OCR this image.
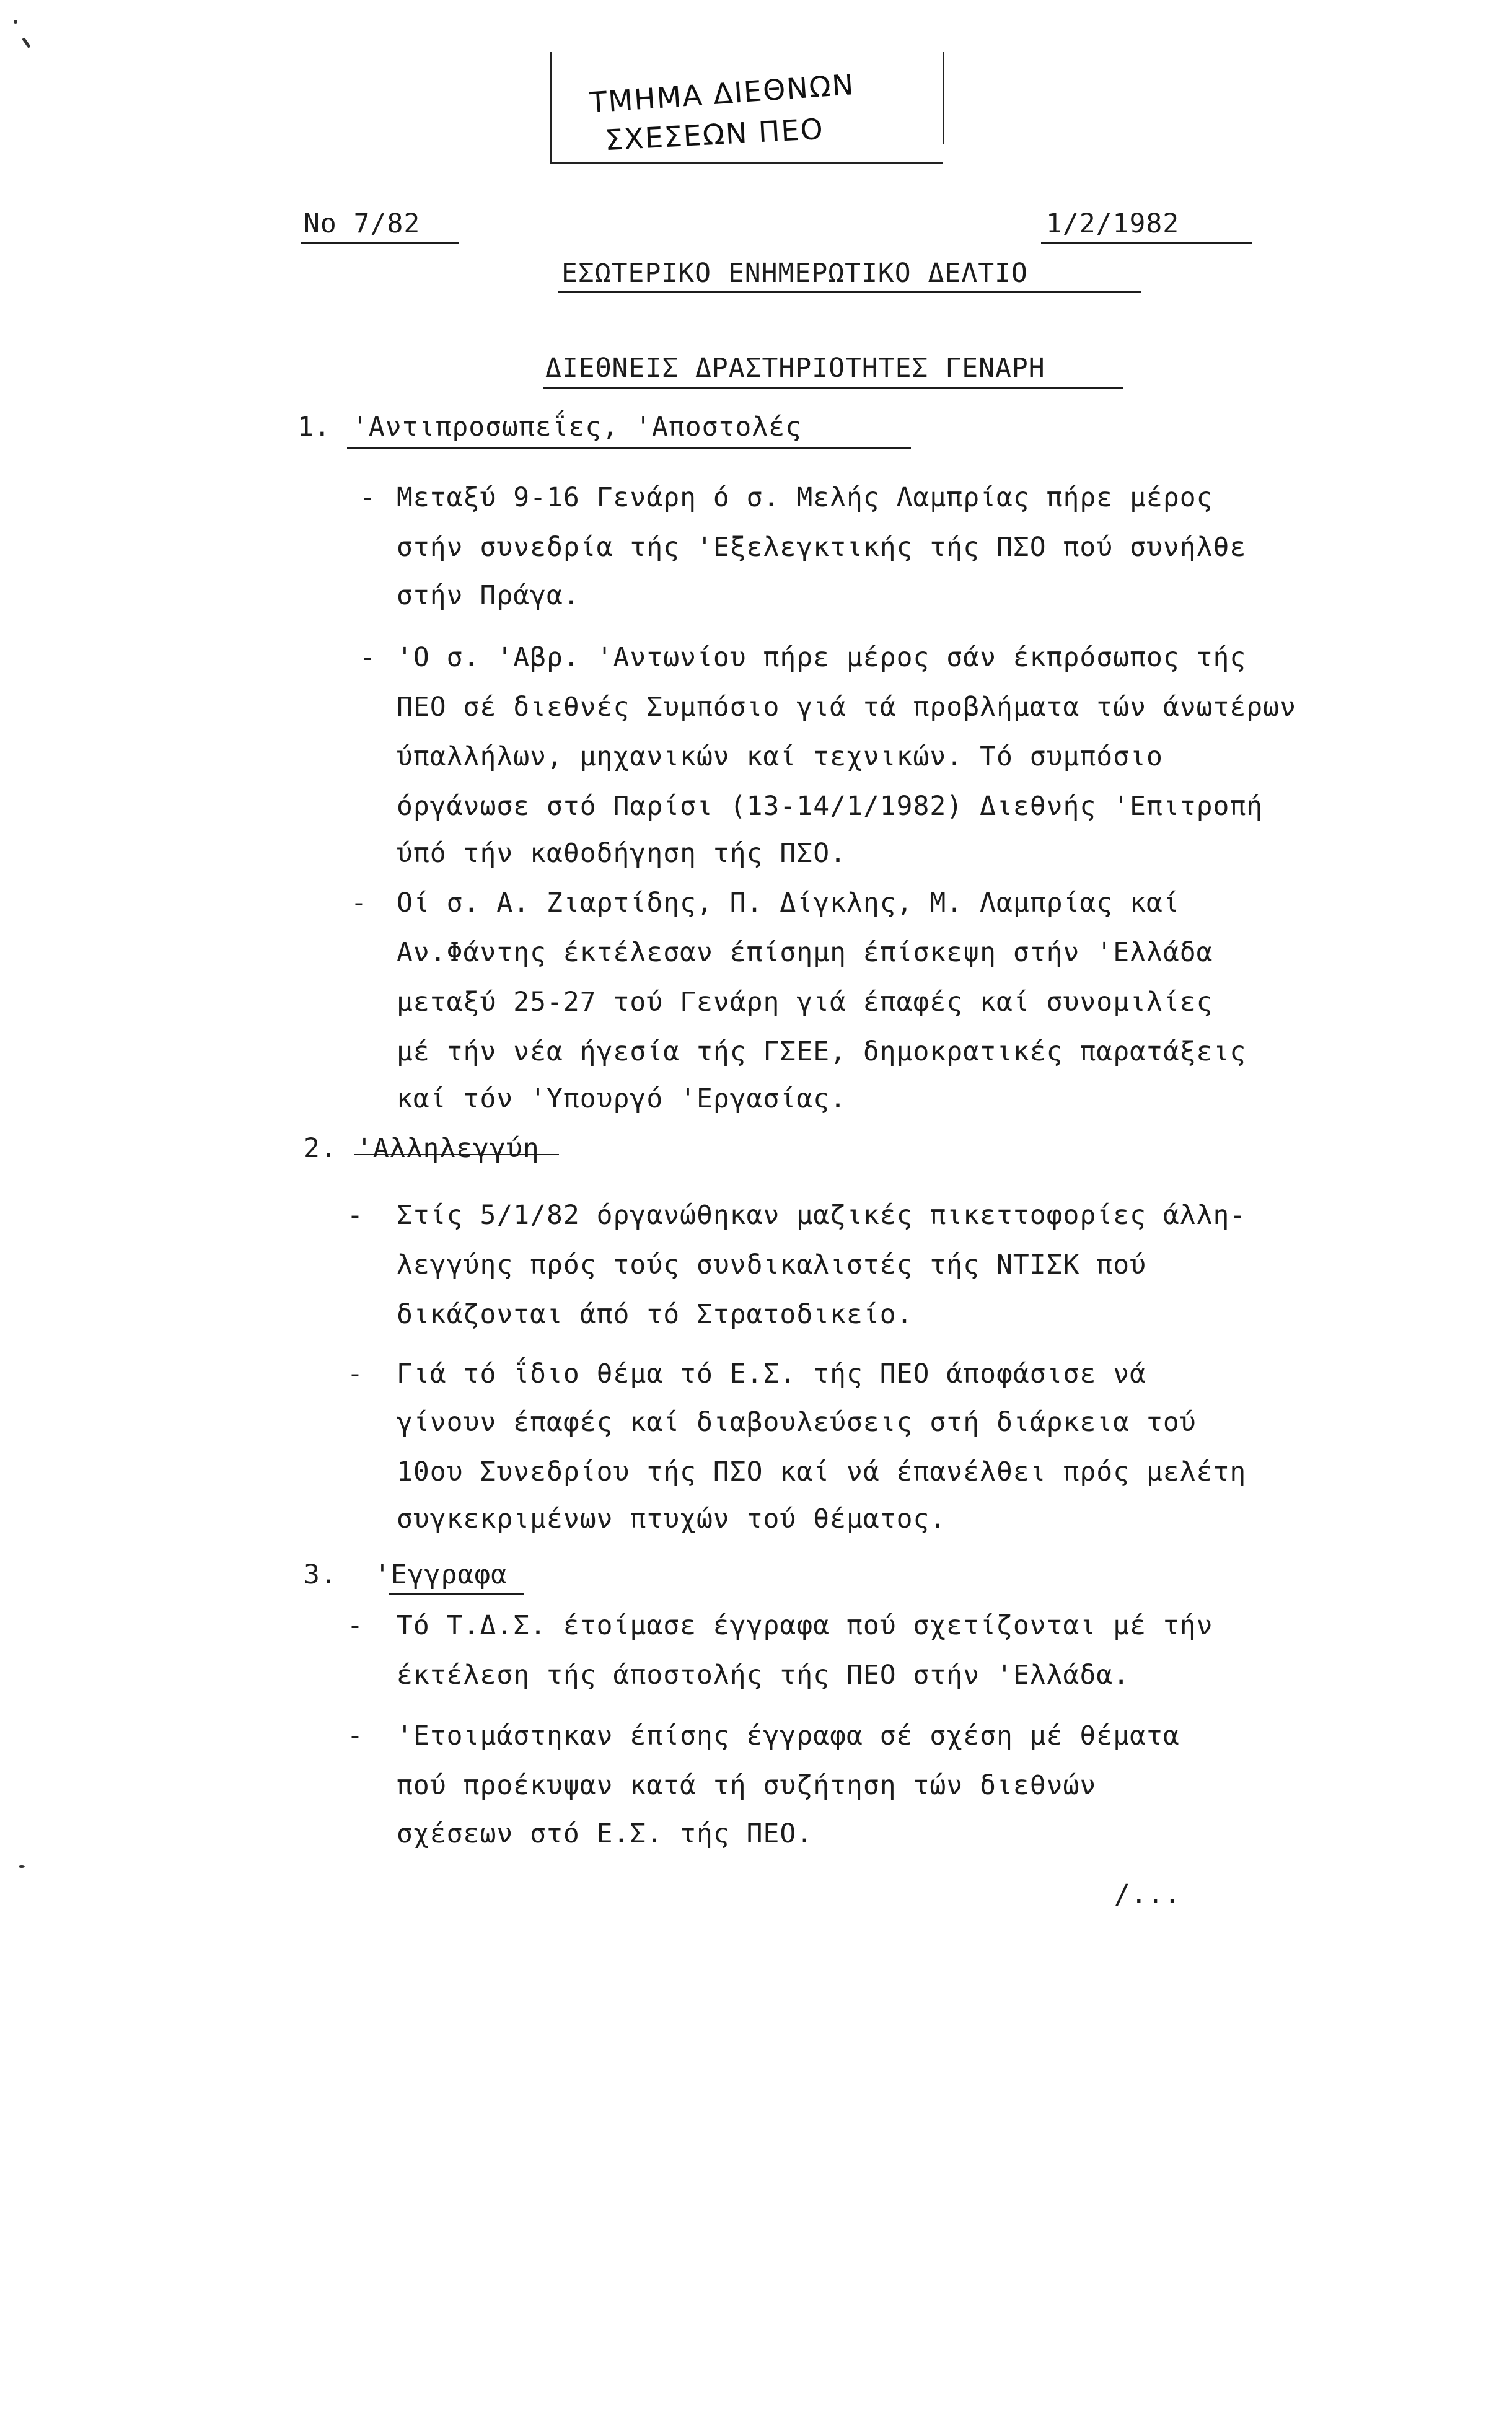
ΤΜΗΜΑ ΔΙΕΘΝΩΝ
ΣΧΕΣΕΩΝ ΠΕΟ
No 7/82	1/2/1982
ΕΣΩΤΕΡΙΚΟ ΕΝΗΜΕΡΩΤΙΚΟ ΔΕΛΤΙΟ
ΔΙΕΘΝΕΙΣ ΔΡΑΣΤΗΡΙΟΤΗΤΕΣ ΓΕΝΑΡΗ
1. 'Αντιπροσωπεΐες, 'Αποστολές
- Μεταξύ 9-16 Γενάρη ό σ. Μελής Λαμπρίας πήρε μέρος
στήν συνεδρία τής 'Εξελεγκτικής τής ΠΣΟ πού συνήλθε
στήν Πράγα.
- 'Ο σ. 'Αβρ. 'Αντωνίου πήρε μέρος σάν έκπρόσωπος τής
ΠΕΟ σέ διεθνές Συμπόσιο γιά τά προβλήματα τών άνωτέρων
ύπαλλήλων, μηχανικών καί τεχνικών. Τό συμπόσιο
όργάνωσε στό Παρίσι (13-14/1/1982) Διεθνής 'Επιτροπή
ύπό τήν καθοδήγηση τής ΠΣΟ.
- Οί σ. Α. Ζιαρτίδης, Π. Δίγκλης, Μ. Λαμπρίας καί
Αν.Φάντης έκτέλεσαν έπίσημη έπίσκεψη στήν 'Ελλάδα
μεταξύ 25-27 τού Γενάρη γιά έπαφές καί συνομιλίες
μέ τήν νέα ήγεσία τής ΓΣΕΕ, δημοκρατικές παρατάξεις
καί τόν 'Υπουργό 'Εργασίας.
2. 'Αλληλεγγύη
- Στίς 5/1/82 όργανώθηκαν μαζικές πικεττοφορίες άλλη-
λεγγύης πρός τούς συνδικαλιστές τής ΝΤΙΣΚ πού
δικάζονται άπό τό Στρατοδικείο.
- Γιά τό ΐδιο θέμα τό Ε.Σ. τής ΠΕΟ άποφάσισε νά
γίνουν έπαφές καί διαβουλεύσεις στή διάρκεια τού
10ου Συνεδρίου τής ΠΣΟ καί νά έπανέλθει πρός μελέτη
συγκεκριμένων πτυχών τού θέματος.
3. 'Εγγραφα
- Τό Τ.Δ.Σ. έτοίμασε έγγραφα πού σχετίζονται μέ τήν
έκτέλεση τής άποστολής τής ΠΕΟ στήν 'Ελλάδα.
- 'Ετοιμάστηκαν έπίσης έγγραφα σέ σχέση μέ θέματα
πού προέκυψαν κατά τή συζήτηση τών διεθνών
σχέσεων στό Ε.Σ. τής ΠΕΟ.
/...
